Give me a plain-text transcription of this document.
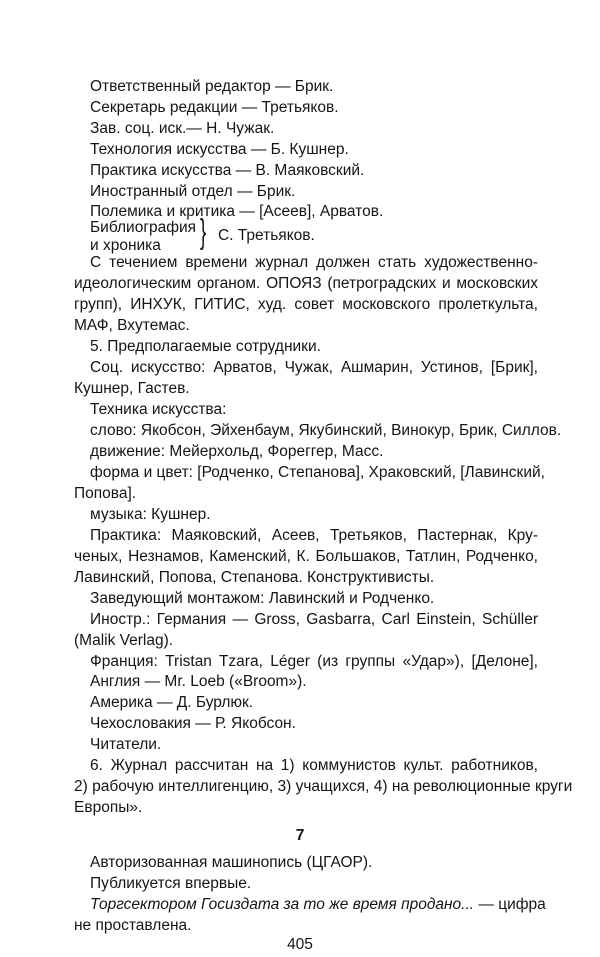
Ответственный редактор — Брик.
Секретарь редакции — Третьяков.
Зав. соц. иск.— Н. Чужак.
Технология искусства — Б. Кушнер.
Практика искусства — В. Маяковский.
Иностранный отдел — Брик.
Полемика и критика — [Асеев], Арватов.
Библиография
и хроника } С. Третьяков.
С течением времени журнал должен стать художественно-
идеологическим органом. ОПОЯЗ (петроградских и московских
групп), ИНХУК, ГИТИС, худ. совет московского пролеткульта,
МАФ, Вхутемас.
5. Предполагаемые сотрудники.
Соц. искусство: Арватов, Чужак, Ашмарин, Устинов, [Брик],
Кушнер, Гастев.
Техника искусства:
слово: Якобсон, Эйхенбаум, Якубинский, Винокур, Брик, Силлов.
движение: Мейерхольд, Фореггер, Масс.
форма и цвет: [Родченко, Степанова], Храковский, [Лавинский,
Попова].
музыка: Кушнер.
Практика: Маяковский, Асеев, Третьяков, Пастернак, Кру-
ченых, Незнамов, Каменский, К. Большаков, Татлин, Родченко,
Лавинский, Попова, Степанова. Конструктивисты.
Заведующий монтажом: Лавинский и Родченко.
Иностр.: Германия — Gross, Gasbarra, Carl Einstein, Schüller
(Malik Verlag).
Франция: Tristan Tzara, Léger (из группы «Удар»), [Делоне],
Англия — Mr. Loeb («Broom»).
Америка — Д. Бурлюк.
Чехословакия — Р. Якобсон.
Читатели.
6. Журнал рассчитан на 1) коммунистов культ. работников,
2) рабочую интеллигенцию, 3) учащихся, 4) на революционные круги
Европы».
7
Авторизованная машинопись (ЦГАОР).
Публикуется впервые.
Торгсектором Госиздата за то же время продано... — цифра
не проставлена.
405
